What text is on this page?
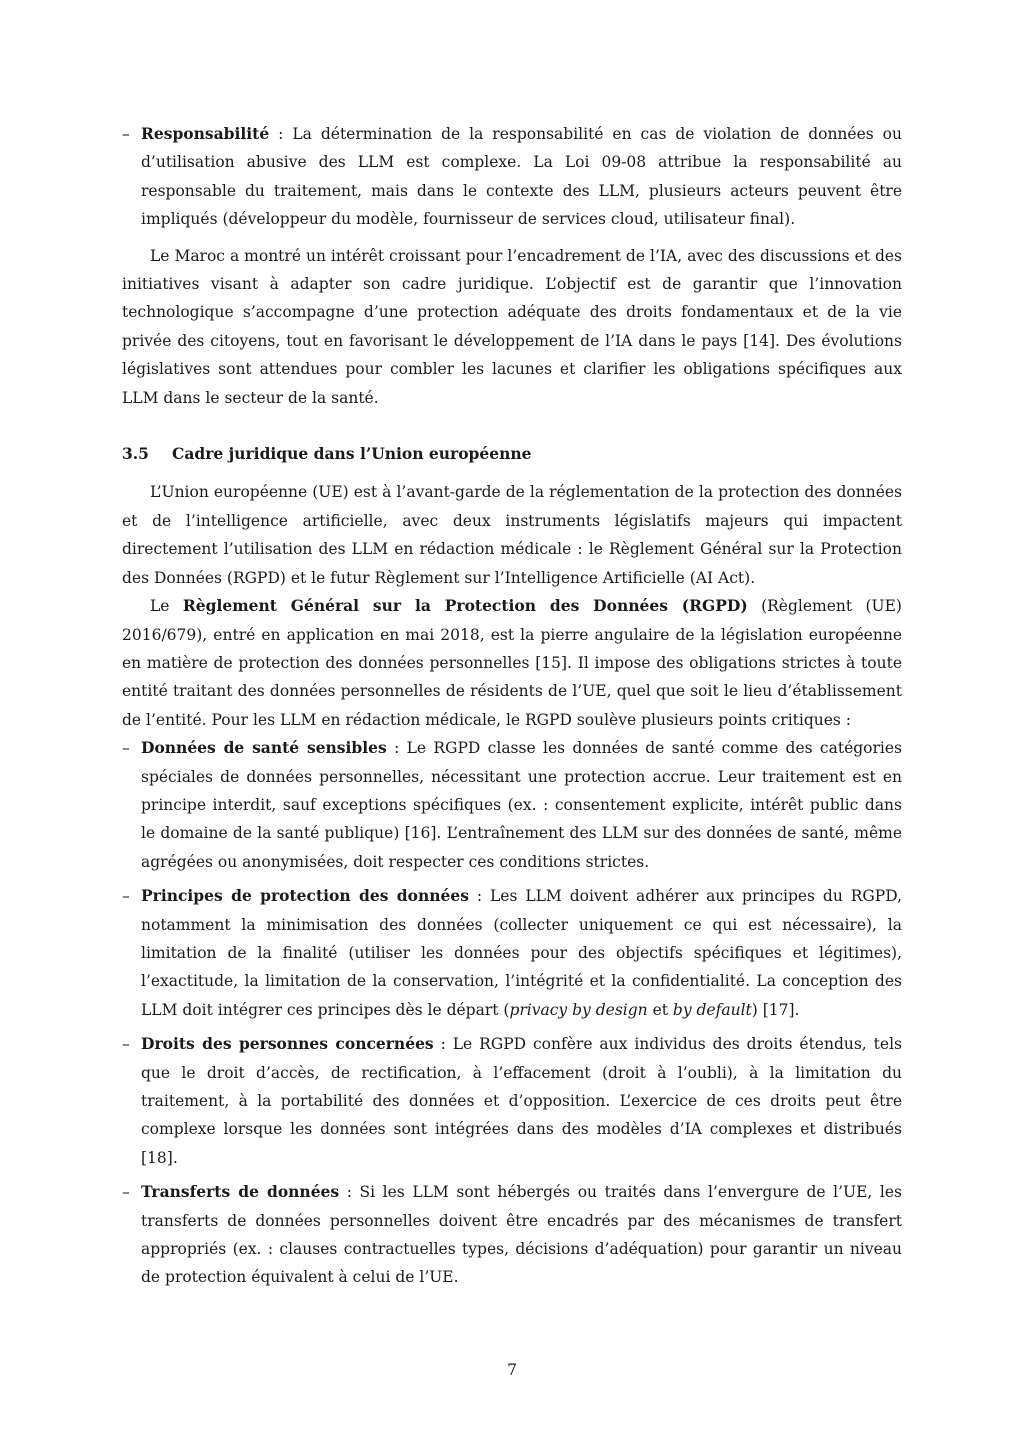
– Responsabilité : La détermination de la responsabilité en cas de violation de données ou d’utilisation abusive des LLM est complexe. La Loi 09-08 attribue la responsabilité au responsable du traitement, mais dans le contexte des LLM, plusieurs acteurs peuvent être impliqués (développeur du modèle, fournisseur de services cloud, utilisateur final).

Le Maroc a montré un intérêt croissant pour l’encadrement de l’IA, avec des discussions et des initiatives visant à adapter son cadre juridique. L’objectif est de garantir que l’innovation technologique s’accompagne d’une protection adéquate des droits fondamentaux et de la vie privée des citoyens, tout en favorisant le développement de l’IA dans le pays [14]. Des évolutions législatives sont attendues pour combler les lacunes et clarifier les obligations spécifiques aux LLM dans le secteur de la santé.

3.5 Cadre juridique dans l’Union européenne

L’Union européenne (UE) est à l’avant-garde de la réglementation de la protection des données et de l’intelligence artificielle, avec deux instruments législatifs majeurs qui impactent directement l’utilisation des LLM en rédaction médicale : le Règlement Général sur la Protection des Données (RGPD) et le futur Règlement sur l’Intelligence Artificielle (AI Act).

Le Règlement Général sur la Protection des Données (RGPD) (Règlement (UE) 2016/679), entré en application en mai 2018, est la pierre angulaire de la législation européenne en matière de protection des données personnelles [15]. Il impose des obligations strictes à toute entité traitant des données personnelles de résidents de l’UE, quel que soit le lieu d’établissement de l’entité. Pour les LLM en rédaction médicale, le RGPD soulève plusieurs points critiques :

– Données de santé sensibles : Le RGPD classe les données de santé comme des catégories spéciales de données personnelles, nécessitant une protection accrue. Leur traitement est en principe interdit, sauf exceptions spécifiques (ex. : consentement explicite, intérêt public dans le domaine de la santé publique) [16]. L’entraînement des LLM sur des données de santé, même agrégées ou anonymisées, doit respecter ces conditions strictes.

– Principes de protection des données : Les LLM doivent adhérer aux principes du RGPD, notamment la minimisation des données (collecter uniquement ce qui est nécessaire), la limitation de la finalité (utiliser les données pour des objectifs spécifiques et légitimes), l’exactitude, la limitation de la conservation, l’intégrité et la confidentialité. La conception des LLM doit intégrer ces principes dès le départ (privacy by design et by default) [17].

– Droits des personnes concernées : Le RGPD confère aux individus des droits étendus, tels que le droit d’accès, de rectification, à l’effacement (droit à l’oubli), à la limitation du traitement, à la portabilité des données et d’opposition. L’exercice de ces droits peut être complexe lorsque les données sont intégrées dans des modèles d’IA complexes et distribués [18].

– Transferts de données : Si les LLM sont hébergés ou traités dans l’envergure de l’UE, les transferts de données personnelles doivent être encadrés par des mécanismes de transfert appropriés (ex. : clauses contractuelles types, décisions d’adéquation) pour garantir un niveau de protection équivalent à celui de l’UE.

7
